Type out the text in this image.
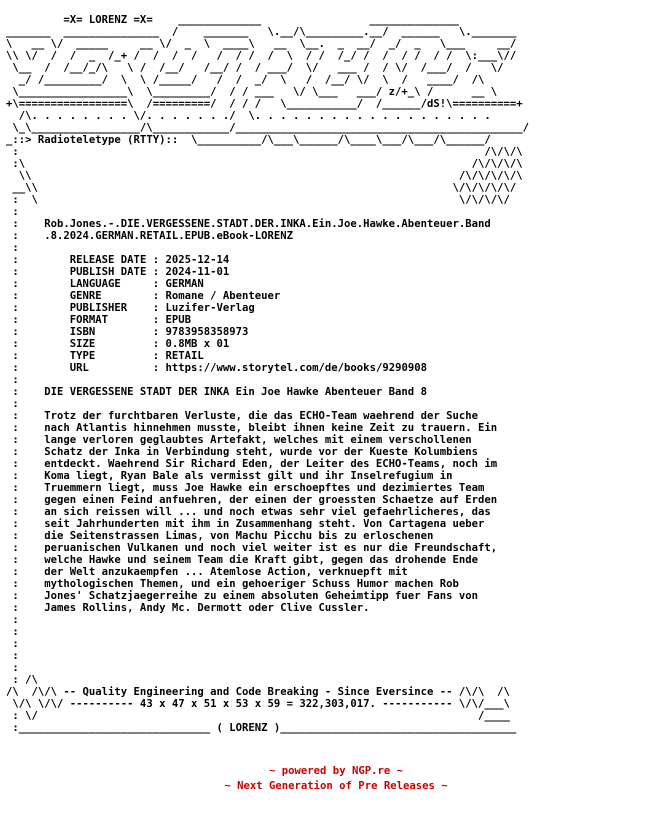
=X= LORENZ =X=    _____________                 ______________
_______  _______________  /    _______   \.__/\_________.__/  ______   \._______
\   __ \/  _____     __ \/  _  \  ____\   __  \__.  _  __/  _/  _   \___     __/
\\ \/  /  /  _  /_+ /  /  /  /   /  / /  /  \  / /  /_/ /  /  / /  / /  \:___\//
\__  /  /__/_/\   \ /  /__/   /__/ /  / ___/  \/   ___ /  / \/  /___/  /   \/
_/ /_________/  \  \ /_____/   /  /  _/  \   /  /__/ \/  \  /   ____/  /\
\_________________\  \_________/  / / ___   \/ \___   ___/ z/+_\ /      __ \
+\=================\  /=========/  / / /   \___________/  /______/dS!\==========+
/\. . . . . . . . \/. . . . . . ./  \. . . . . . . . . . . . . . . . . . .
\_\_________________/\____________/_____________________________________________/
_::> Radioteletype (RTTY)::  \__________/\___\______/\____\___/\___/\______/
:                                                                         /\/\/\
:\                                                                      /\/\/\/\
\\                                                                   /\/\/\/\/\
__\\                                                                 \/\/\/\/\/
:  \                                                                  \/\/\/\/
:
:    Rob.Jones.-.DIE.VERGESSENE.STADT.DER.INKA.Ein.Joe.Hawke.Abenteuer.Band
:    .8.2024.GERMAN.RETAIL.EPUB.eBook-LORENZ
:
:	RELEASE DATE : 2025-12-14
:	PUBLISH DATE : 2024-11-01
:	LANGUAGE     : GERMAN
:	GENRE        : Romane / Abenteuer
:	PUBLISHER    : Luzifer-Verlag
:	FORMAT       : EPUB
:	ISBN         : 9783958358973
:	SIZE         : 0.8MB x 01
:	TYPE         : RETAIL
:	URL          : https://www.storytel.com/de/books/9290908
:
:    DIE VERGESSENE STADT DER INKA Ein Joe Hawke Abenteuer Band 8
:
:    Trotz der furchtbaren Verluste, die das ECHO-Team waehrend der Suche
:    nach Atlantis hinnehmen musste, bleibt ihnen keine Zeit zu trauern. Ein
:    lange verloren geglaubtes Artefakt, welches mit einem verschollenen
:    Schatz der Inka in Verbindung steht, wurde vor der Kueste Kolumbiens
:    entdeckt. Waehrend Sir Richard Eden, der Leiter des ECHO-Teams, noch im
:    Koma liegt, Ryan Bale als vermisst gilt und ihr Inselrefugium in
:    Truemmern liegt, muss Joe Hawke ein erschoepftes und dezimiertes Team
:    gegen einen Feind anfuehren, der einen der groessten Schaetze auf Erden
:    an sich reissen will ... und noch etwas sehr viel gefaehrlicheres, das
:    seit Jahrhunderten mit ihm in Zusammenhang steht. Von Cartagena ueber
:    die Seitenstrassen Limas, von Machu Picchu bis zu erloschenen
:    peruanischen Vulkanen und noch viel weiter ist es nur die Freundschaft,
:    welche Hawke und seinem Team die Kraft gibt, gegen das drohende Ende
:    der Welt anzukaempfen ... Atemlose Action, verknuepft mit
:    mythologischen Themen, und ein gehoeriger Schuss Humor machen Rob
:    Jones' Schatzjaegerreihe zu einem absoluten Geheimtipp fuer Fans von
:    James Rollins, Andy Mc. Dermott oder Clive Cussler.
:
:
:
:
:
: /\
/\  /\/\ -- Quality Engineering and Code Breaking - Since Eversince -- /\/\  /\
\/\ \/\/ ---------- 43 x 47 x 51 x 53 x 59 = 322,303,017. ----------- \/\/___\
: \/                                                                     /____
:______________________________ ( LORENZ )_____________________________________
~ powered by NGP.re ~
~ Next Generation of Pre Releases ~
